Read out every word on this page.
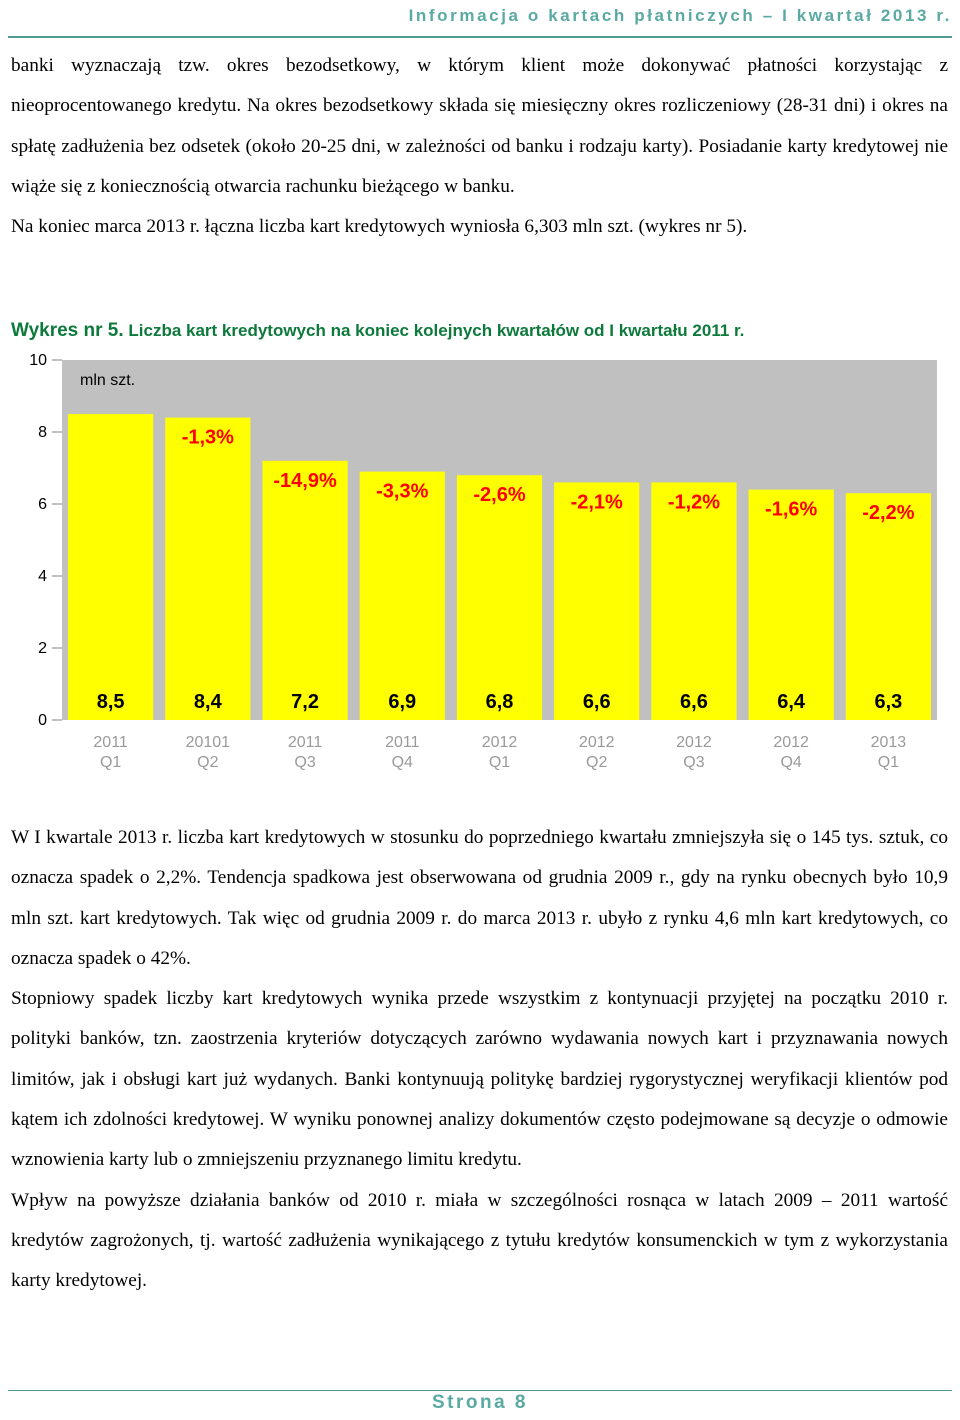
Informacja o kartach płatniczych – I kwartał 2013 r.

banki wyznaczają tzw. okres bezodsetkowy, w którym klient może dokonywać płatności korzystając z nieoprocentowanego kredytu. Na okres bezodsetkowy składa się miesięczny okres rozliczeniowy (28-31 dni) i okres na spłatę zadłużenia bez odsetek (około 20-25 dni, w zależności od banku i rodzaju karty). Posiadanie karty kredytowej nie wiąże się z koniecznością otwarcia rachunku bieżącego w banku.

Na koniec marca 2013 r. łączna liczba kart kredytowych wyniosła 6,303 mln szt. (wykres nr 5).

Wykres nr 5. Liczba kart kredytowych na koniec kolejnych kwartałów od I kwartału 2011 r.
mln szt.
0
2
4
6
8
10
-1,3%
-14,9% -3,3% -2,6% -2,1% -1,2% -1,6% -2,2%
8,5	8,4	7,2	6,9	6,8	6,6	6,6	6,4	6,3
2011
Q1
20101
Q2
2011
Q3
2011
Q4
2012
Q1
2012
Q2
2012
Q3
2012
Q4
2013
Q1

W I kwartale 2013 r. liczba kart kredytowych w stosunku do poprzedniego kwartału zmniejszyła się o 145 tys. sztuk, co oznacza spadek o 2,2%. Tendencja spadkowa jest obserwowana od grudnia 2009 r., gdy na rynku obecnych było 10,9 mln szt. kart kredytowych. Tak więc od grudnia 2009 r. do marca 2013 r. ubyło z rynku 4,6 mln kart kredytowych, co oznacza spadek o 42%.

Stopniowy spadek liczby kart kredytowych wynika przede wszystkim z kontynuacji przyjętej na początku 2010 r. polityki banków, tzn. zaostrzenia kryteriów dotyczących zarówno wydawania nowych kart i przyznawania nowych limitów, jak i obsługi kart już wydanych. Banki kontynuują politykę bardziej rygorystycznej weryfikacji klientów pod kątem ich zdolności kredytowej. W wyniku ponownej analizy dokumentów często podejmowane są decyzje o odmowie wznowienia karty lub o zmniejszeniu przyznanego limitu kredytu.

Wpływ na powyższe działania banków od 2010 r. miała w szczególności rosnąca w latach 2009 – 2011 wartość kredytów zagrożonych, tj. wartość zadłużenia wynikającego z tytułu kredytów konsumenckich w tym z wykorzystania karty kredytowej.

Strona 8
